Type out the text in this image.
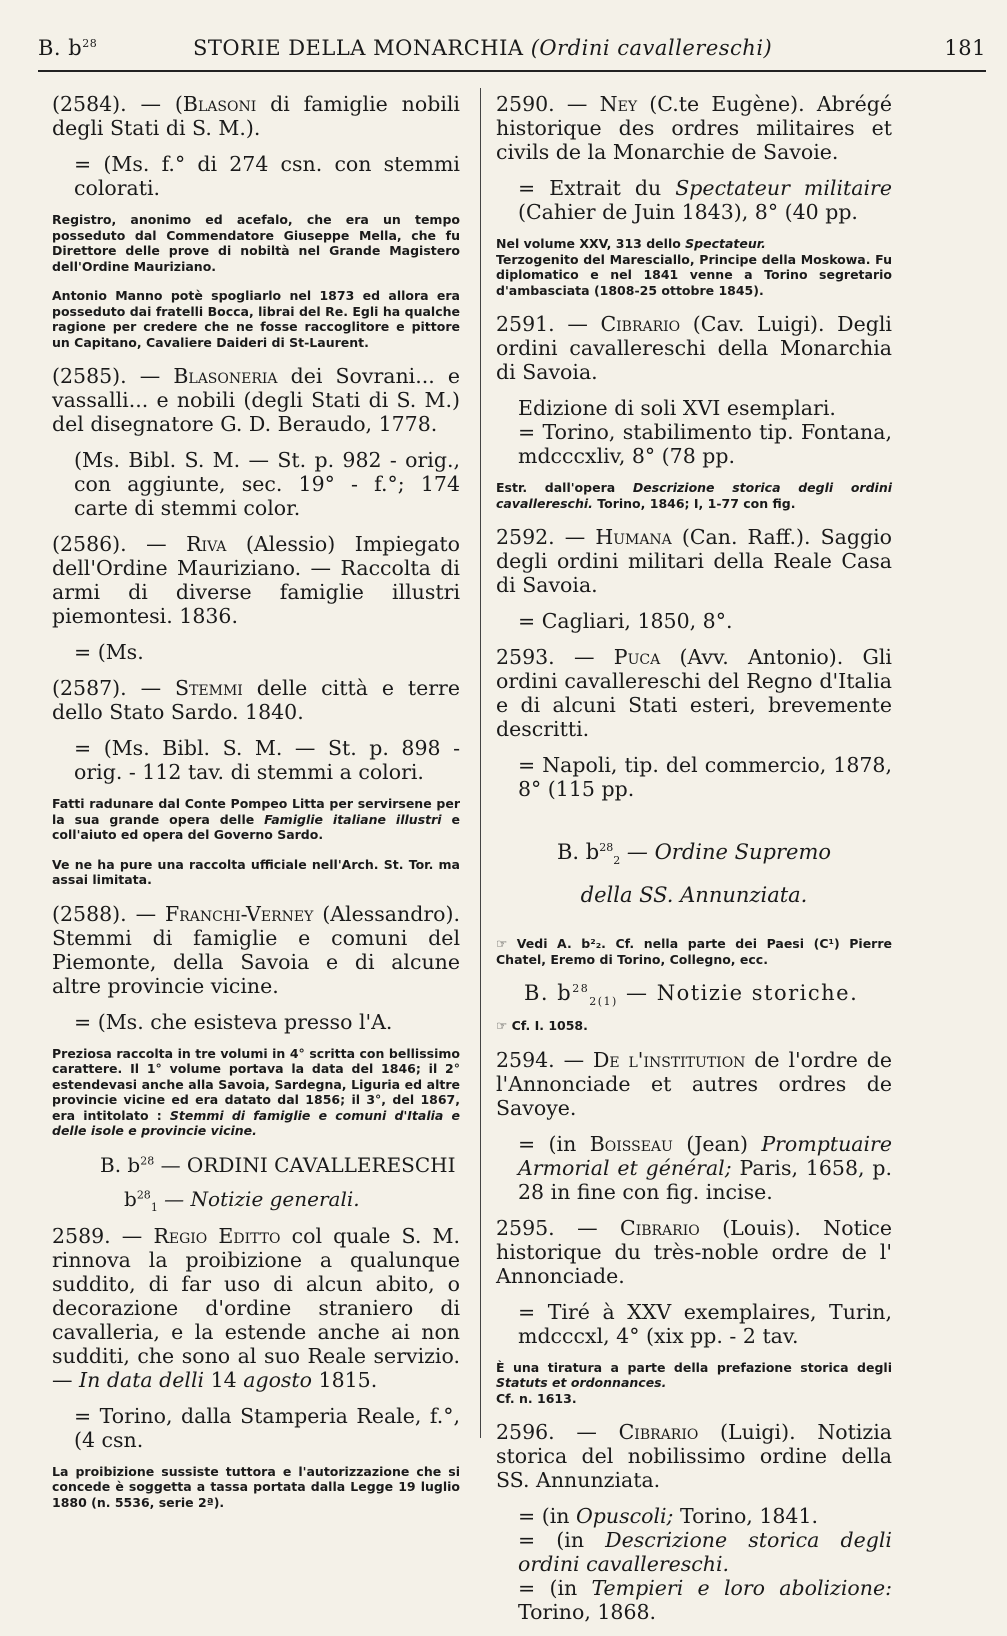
B. $b^{28}$	STORIE DELLA MONARCHIA (Ordini cavallereschi)	181

(2584). — (Blasoni di famiglie nobili degli Stati di S. M.).

= (Ms. f.° di 274 csn. con stemmi colorati.

Registro, anonimo ed acefalo, che era un tempo posseduto dal Commendatore Giuseppe Mella, che fu Direttore delle prove di nobiltà nel Grande Magistero dell'Ordine Mauriziano.

Antonio Manno potè spogliarlo nel 1873 ed allora era posseduto dai fratelli Bocca, librai del Re. Egli ha qualche ragione per credere che ne fosse raccoglitore e pittore un Capitano, Cavaliere Daideri di St-Laurent.

(2585). — Blasoneria dei Sovrani... e vassalli... e nobili (degli Stati di S. M.) del disegnatore G. D. Beraudo, 1778.

(Ms. Bibl. S. M. — St. p. 982 - orig., con aggiunte, sec. 19° - f.°; 174 carte di stemmi color.

(2586). — Riva (Alessio) Impiegato dell'Ordine Mauriziano. — Raccolta di armi di diverse famiglie illustri piemontesi. 1836.

= (Ms.

(2587). — Stemmi delle città e terre dello Stato Sardo. 1840.

= (Ms. Bibl. S. M. — St. p. 898 - orig. - 112 tav. di stemmi a colori.

Fatti radunare dal Conte Pompeo Litta per servirsene per la sua grande opera delle Famiglie italiane illustri e coll'aiuto ed opera del Governo Sardo.

Ve ne ha pure una raccolta ufficiale nell'Arch. St. Tor. ma assai limitata.

(2588). — Franchi-Verney (Alessandro). Stemmi di famiglie e comuni del Piemonte, della Savoia e di alcune altre provincie vicine.

= (Ms. che esisteva presso l'A.

Preziosa raccolta in tre volumi in 4° scritta con bellissimo carattere. Il 1° volume portava la data del 1846; il 2° estendevasi anche alla Savoia, Sardegna, Liguria ed altre provincie vicine ed era datato dal 1856; il 3°, del 1867, era intitolato : Stemmi di famiglie e comuni d'Italia e delle isole e provincie vicine.

B. $b^{28}$ — ORDINI CAVALLERESCHI
$b^{28}_1$ — Notizie generali.

2589. — Regio Editto col quale S. M. rinnova la proibizione a qualunque suddito, di far uso di alcun abito, o decorazione d'ordine straniero di cavalleria, e la estende anche ai non sudditi, che sono al suo Reale servizio. — In data delli 14 agosto 1815.

= Torino, dalla Stamperia Reale, f.°, (4 csn.

La proibizione sussiste tuttora e l'autorizzazione che si concede è soggetta a tassa portata dalla Legge 19 luglio 1880 (n. 5536, serie 2ª).

2590. — Ney (C.te Eugène). Abrégé historique des ordres militaires et civils de la Monarchie de Savoie.

= Extrait du Spectateur militaire (Cahier de Juin 1843), 8° (40 pp.

Nel volume XXV, 313 dello Spectateur.
Terzogenito del Maresciallo, Principe della Moskowa. Fu diplomatico e nel 1841 venne a Torino segretario d'ambasciata (1808-25 ottobre 1845).

2591. — Cibrario (Cav. Luigi). Degli ordini cavallereschi della Monarchia di Savoia.

Edizione di soli XVI esemplari.

= Torino, stabilimento tip. Fontana, mdcccxliv, 8° (78 pp.

Estr. dall'opera Descrizione storica degli ordini cavallereschi. Torino, 1846; I, 1-77 con fig.

2592. — Humana (Can. Raff.). Saggio degli ordini militari della Reale Casa di Savoia.

= Cagliari, 1850, 8°.

2593. — Puca (Avv. Antonio). Gli ordini cavallereschi del Regno d'Italia e di alcuni Stati esteri, brevemente descritti.

= Napoli, tip. del commercio, 1878, 8° (115 pp.

B. $b^{28}_2$ — Ordine Supremo
della SS. Annunziata.

☞ Vedi A. b²₂. Cf. nella parte dei Paesi (C¹) Pierre Chatel, Eremo di Torino, Collegno, ecc.

B. $b^{28}_{2(1)}$ — Notizie storiche.

☞ Cf. I. 1058.

2594. — De l'institution de l'ordre de l'Annonciade et autres ordres de Savoye.

= (in Boisseau (Jean) Promptuaire Armorial et général; Paris, 1658, p. 28 in fine con fig. incise.

2595. — Cibrario (Louis). Notice historique du très-noble ordre de l' Annonciade.

= Tiré à XXV exemplaires, Turin, mdcccxl, 4° (xix pp. - 2 tav.

È una tiratura a parte della prefazione storica degli Statuts et ordonnances.
Cf. n. 1613.

2596. — Cibrario (Luigi). Notizia storica del nobilissimo ordine della SS. Annunziata.

= (in Opuscoli; Torino, 1841.

= (in Descrizione storica degli ordini cavallereschi.

= (in Tempieri e loro abolizione: Torino, 1868.
